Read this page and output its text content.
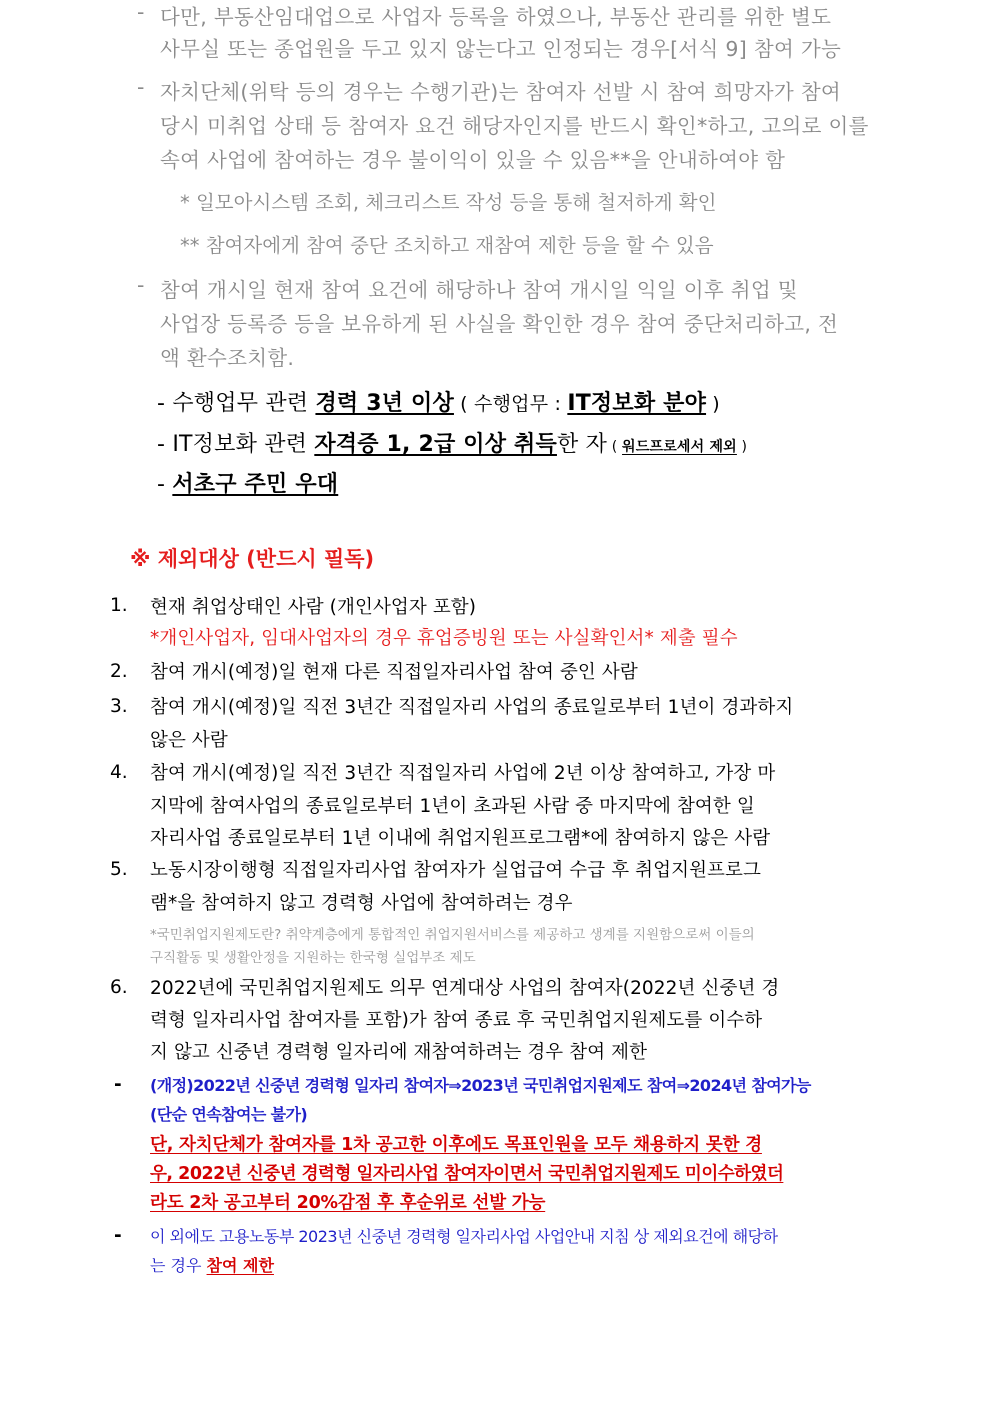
- 다만, 부동산임대업으로 사업자 등록을 하였으나, 부동산 관리를 위한 별도
사무실 또는 종업원을 두고 있지 않는다고 인정되는 경우[서식 9] 참여 가능
- 자치단체(위탁 등의 경우는 수행기관)는 참여자 선발 시 참여 희망자가 참여
당시 미취업 상태 등 참여자 요건 해당자인지를 반드시 확인*하고, 고의로 이를
속여 사업에 참여하는 경우 불이익이 있을 수 있음**을 안내하여야 함
* 일모아시스템 조회, 체크리스트 작성 등을 통해 철저하게 확인
** 참여자에게 참여 중단 조치하고 재참여 제한 등을 할 수 있음
- 참여 개시일 현재 참여 요건에 해당하나 참여 개시일 익일 이후 취업 및
사업장 등록증 등을 보유하게 된 사실을 확인한 경우 참여 중단처리하고, 전
액 환수조치함.
- 수행업무 관련 경력 3년 이상 ( 수행업무 : IT정보화 분야 )
- IT정보화 관련 자격증 1, 2급 이상 취득한 자 ( 워드프로세서 제외 )
- 서초구 주민 우대
※ 제외대상 (반드시 필독)
1. 현재 취업상태인 사람 (개인사업자 포함)
*개인사업자, 임대사업자의 경우 휴업증빙원 또는 사실확인서* 제출 필수
2. 참여 개시(예정)일 현재 다른 직접일자리사업 참여 중인 사람
3. 참여 개시(예정)일 직전 3년간 직접일자리 사업의 종료일로부터 1년이 경과하지
않은 사람
4. 참여 개시(예정)일 직전 3년간 직접일자리 사업에 2년 이상 참여하고, 가장 마
지막에 참여사업의 종료일로부터 1년이 초과된 사람 중 마지막에 참여한 일
자리사업 종료일로부터 1년 이내에 취업지원프로그램*에 참여하지 않은 사람
5. 노동시장이행형 직접일자리사업 참여자가 실업급여 수급 후 취업지원프로그
램*을 참여하지 않고 경력형 사업에 참여하려는 경우
*국민취업지원제도란? 취약계층에게 통합적인 취업지원서비스를 제공하고 생계를 지원함으로써 이들의
구직활동 및 생활안정을 지원하는 한국형 실업부조 제도
6. 2022년에 국민취업지원제도 의무 연계대상 사업의 참여자(2022년 신중년 경
력형 일자리사업 참여자를 포함)가 참여 종료 후 국민취업지원제도를 이수하
지 않고 신중년 경력형 일자리에 재참여하려는 경우 참여 제한
- (개정)2022년 신중년 경력형 일자리 참여자⇒2023년 국민취업지원제도 참여⇒2024년 참여가능
(단순 연속참여는 불가)
단, 자치단체가 참여자를 1차 공고한 이후에도 목표인원을 모두 채용하지 못한 경
우, 2022년 신중년 경력형 일자리사업 참여자이면서 국민취업지원제도 미이수하였더
라도 2차 공고부터 20%감점 후 후순위로 선발 가능
- 이 외에도 고용노동부 2023년 신중년 경력형 일자리사업 사업안내 지침 상 제외요건에 해당하
는 경우 참여 제한
